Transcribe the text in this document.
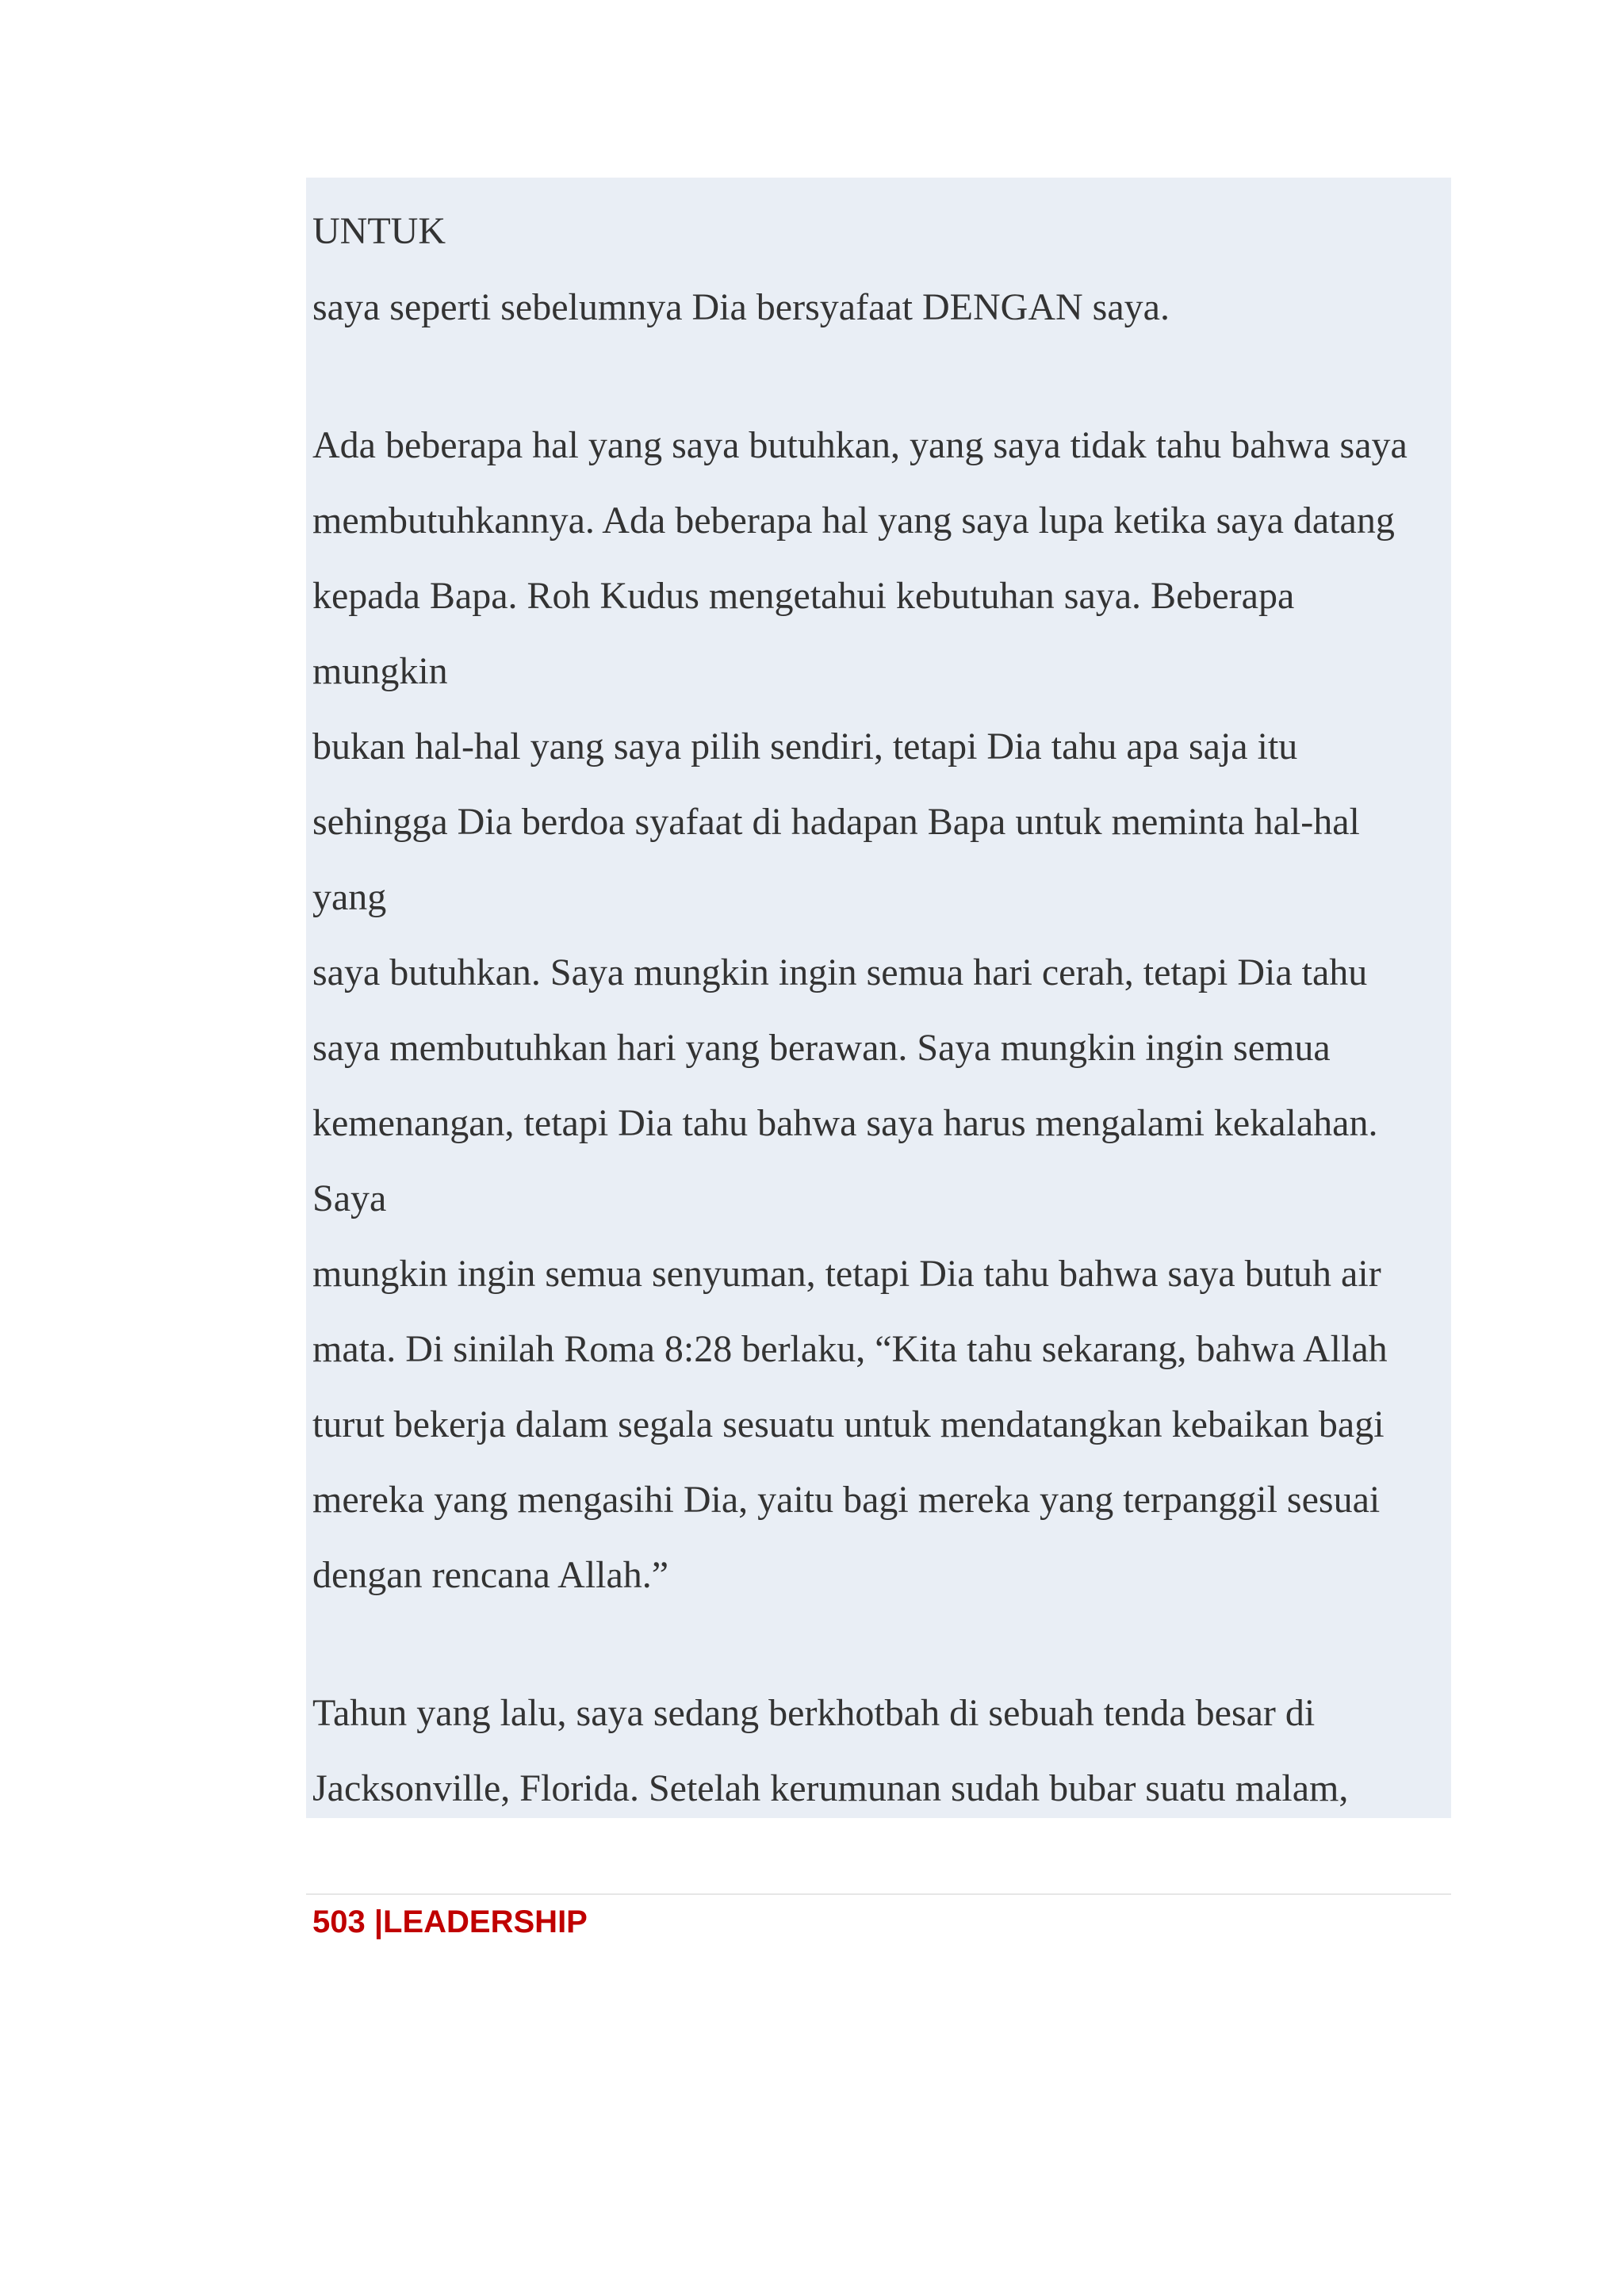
UNTUK

saya seperti sebelumnya Dia bersyafaat DENGAN saya.

Ada beberapa hal yang saya butuhkan, yang saya tidak tahu bahwa saya

membutuhkannya. Ada beberapa hal yang saya lupa ketika saya datang

kepada Bapa. Roh Kudus mengetahui kebutuhan saya. Beberapa

mungkin

bukan hal-hal yang saya pilih sendiri, tetapi Dia tahu apa saja itu

sehingga Dia berdoa syafaat di hadapan Bapa untuk meminta hal-hal

yang

saya butuhkan. Saya mungkin ingin semua hari cerah, tetapi Dia tahu

saya membutuhkan hari yang berawan. Saya mungkin ingin semua

kemenangan, tetapi Dia tahu bahwa saya harus mengalami kekalahan.

Saya

mungkin ingin semua senyuman, tetapi Dia tahu bahwa saya butuh air

mata. Di sinilah Roma 8:28 berlaku, “Kita tahu sekarang, bahwa Allah

turut bekerja dalam segala sesuatu untuk mendatangkan kebaikan bagi

mereka yang mengasihi Dia, yaitu bagi mereka yang terpanggil sesuai

dengan rencana Allah.”

Tahun yang lalu, saya sedang berkhotbah di sebuah tenda besar di

Jacksonville, Florida. Setelah kerumunan sudah bubar suatu malam,

503 |LEADERSHIP
